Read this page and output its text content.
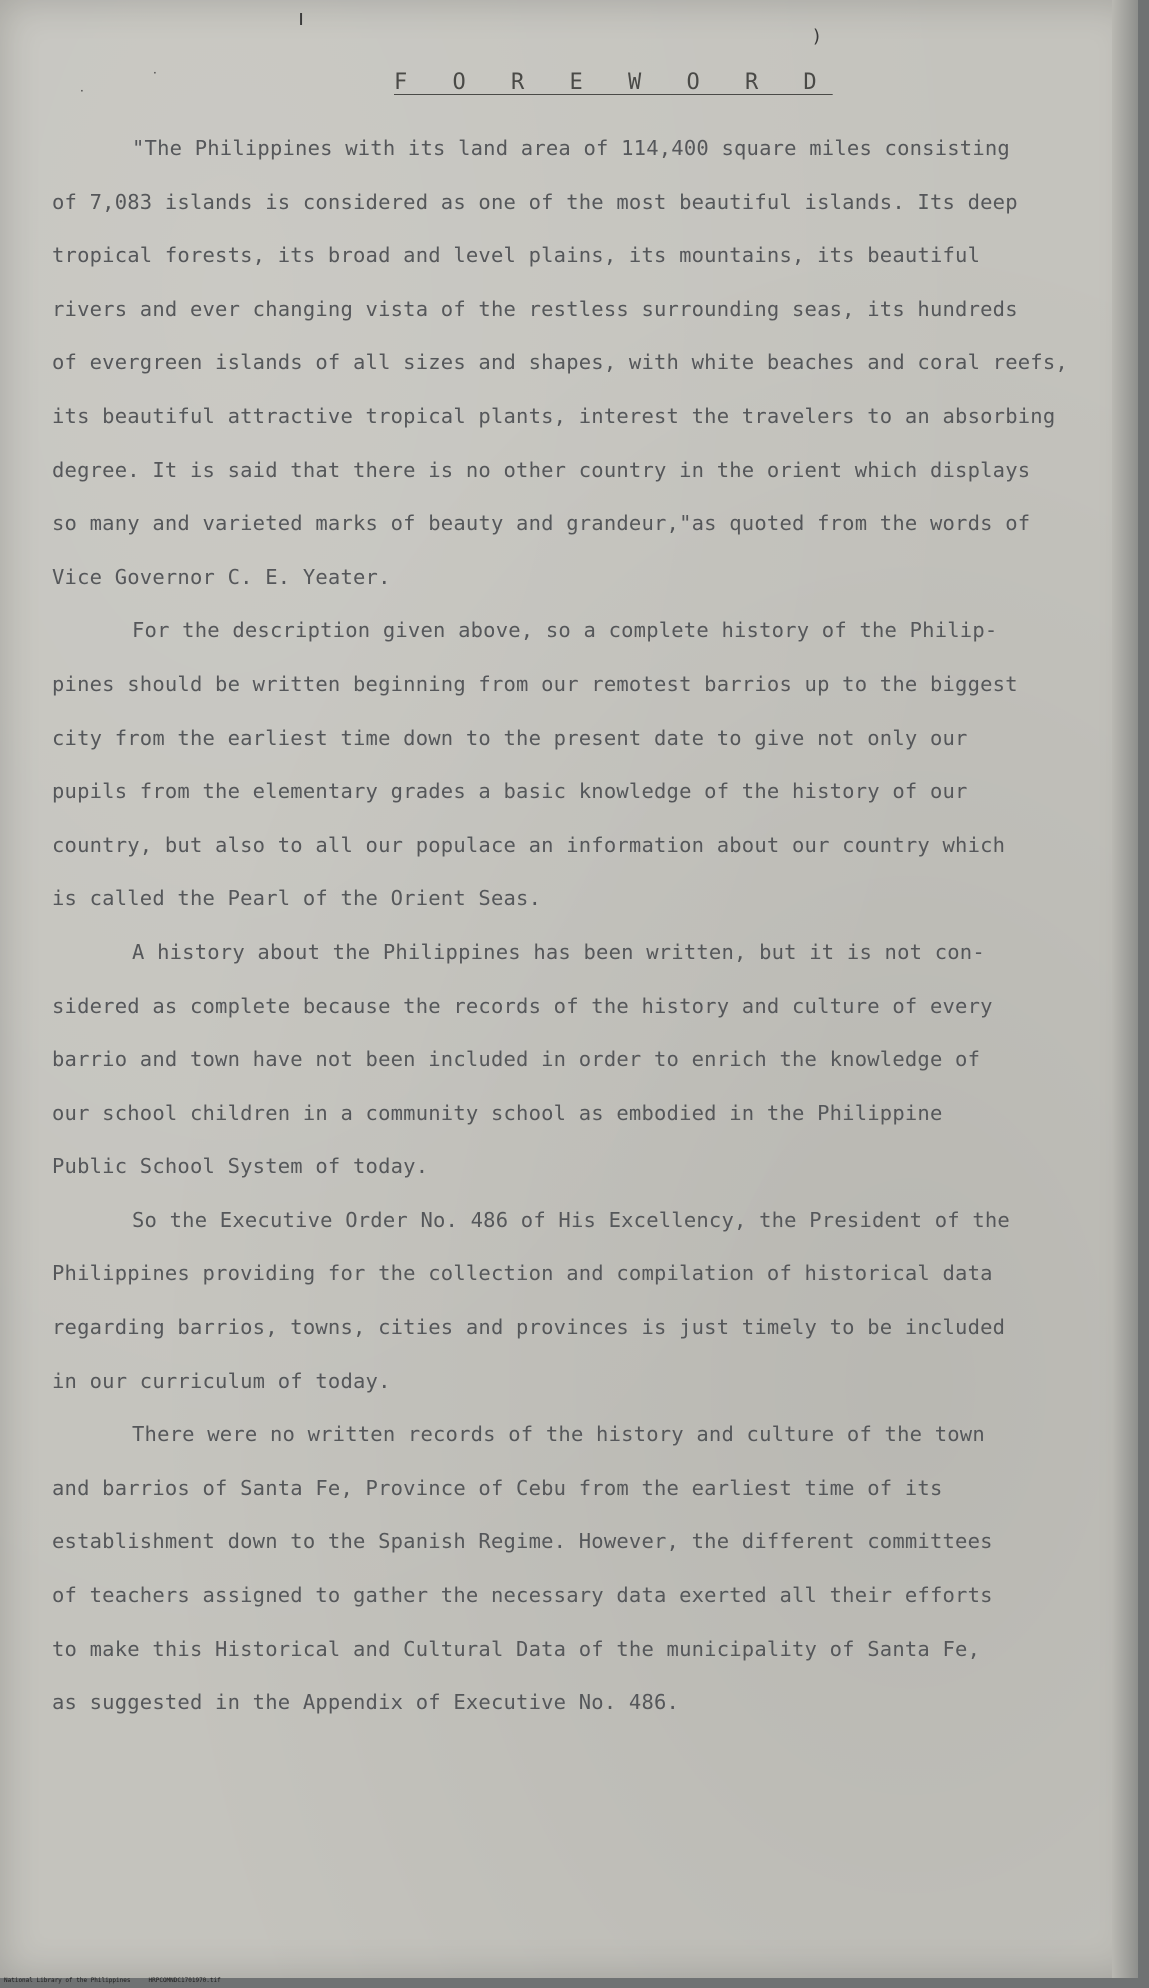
ı
)
·
·	F O R E W O R D
"The Philippines with its land area of 114,400 square miles consisting
of 7,083 islands is considered as one of the most beautiful islands. Its deep
tropical forests, its broad and level plains, its mountains, its beautiful
rivers and ever changing vista of the restless surrounding seas, its hundreds
of evergreen islands of all sizes and shapes, with white beaches and coral reefs,
its beautiful attractive tropical plants, interest the travelers to an absorbing
degree. It is said that there is no other country in the orient which displays
so many and varieted marks of beauty and grandeur,"as quoted from the words of
Vice Governor C. E. Yeater.
For the description given above, so a complete history of the Philip-
pines should be written beginning from our remotest barrios up to the biggest
city from the earliest time down to the present date to give not only our
pupils from the elementary grades a basic knowledge of the history of our
country, but also to all our populace an information about our country which
is called the Pearl of the Orient Seas.
A history about the Philippines has been written, but it is not con-
sidered as complete because the records of the history and culture of every
barrio and town have not been included in order to enrich the knowledge of
our school children in a community school as embodied in the Philippine
Public School System of today.
So the Executive Order No. 486 of His Excellency, the President of the
Philippines providing for the collection and compilation of historical data
regarding barrios, towns, cities and provinces is just timely to be included
in our curriculum of today.
There were no written records of the history and culture of the town
and barrios of Santa Fe, Province of Cebu from the earliest time of its
establishment down to the Spanish Regime. However, the different committees
of teachers assigned to gather the necessary data exerted all their efforts
to make this Historical and Cultural Data of the municipality of Santa Fe,
as suggested in the Appendix of Executive No. 486.
National Library of the Philippines     HRPCOMNDC1701970.tif
